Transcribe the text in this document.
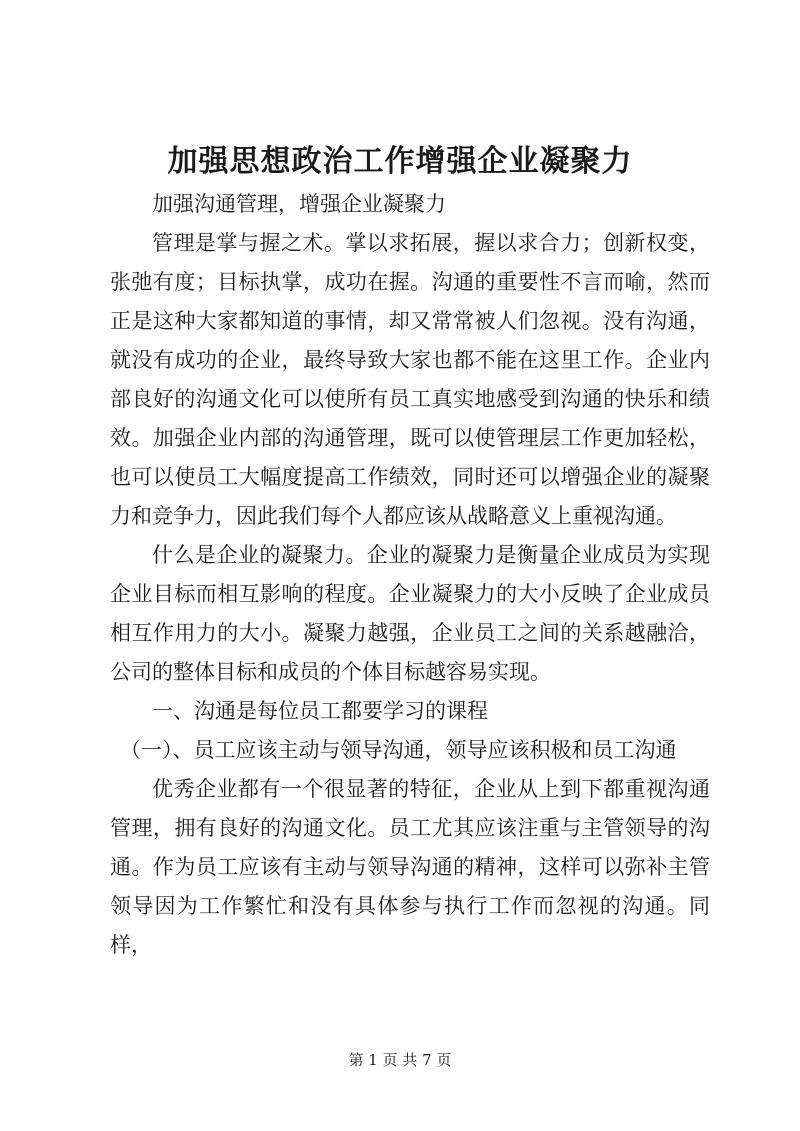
加强思想政治工作增强企业凝聚力

加强沟通管理，增强企业凝聚力

管理是掌与握之术。掌以求拓展，握以求合力；创新权变，张弛有度；目标执掌，成功在握。沟通的重要性不言而喻，然而正是这种大家都知道的事情，却又常常被人们忽视。没有沟通，就没有成功的企业，最终导致大家也都不能在这里工作。企业内部良好的沟通文化可以使所有员工真实地感受到沟通的快乐和绩效。加强企业内部的沟通管理，既可以使管理层工作更加轻松，也可以使员工大幅度提高工作绩效，同时还可以增强企业的凝聚力和竞争力，因此我们每个人都应该从战略意义上重视沟通。

什么是企业的凝聚力。企业的凝聚力是衡量企业成员为实现企业目标而相互影响的程度。企业凝聚力的大小反映了企业成员相互作用力的大小。凝聚力越强，企业员工之间的关系越融洽，公司的整体目标和成员的个体目标越容易实现。

一、沟通是每位员工都要学习的课程

（一）、员工应该主动与领导沟通，领导应该积极和员工沟通

优秀企业都有一个很显著的特征，企业从上到下都重视沟通管理，拥有良好的沟通文化。员工尤其应该注重与主管领导的沟通。作为员工应该有主动与领导沟通的精神，这样可以弥补主管领导因为工作繁忙和没有具体参与执行工作而忽视的沟通。同样，

第 1 页 共 7 页
